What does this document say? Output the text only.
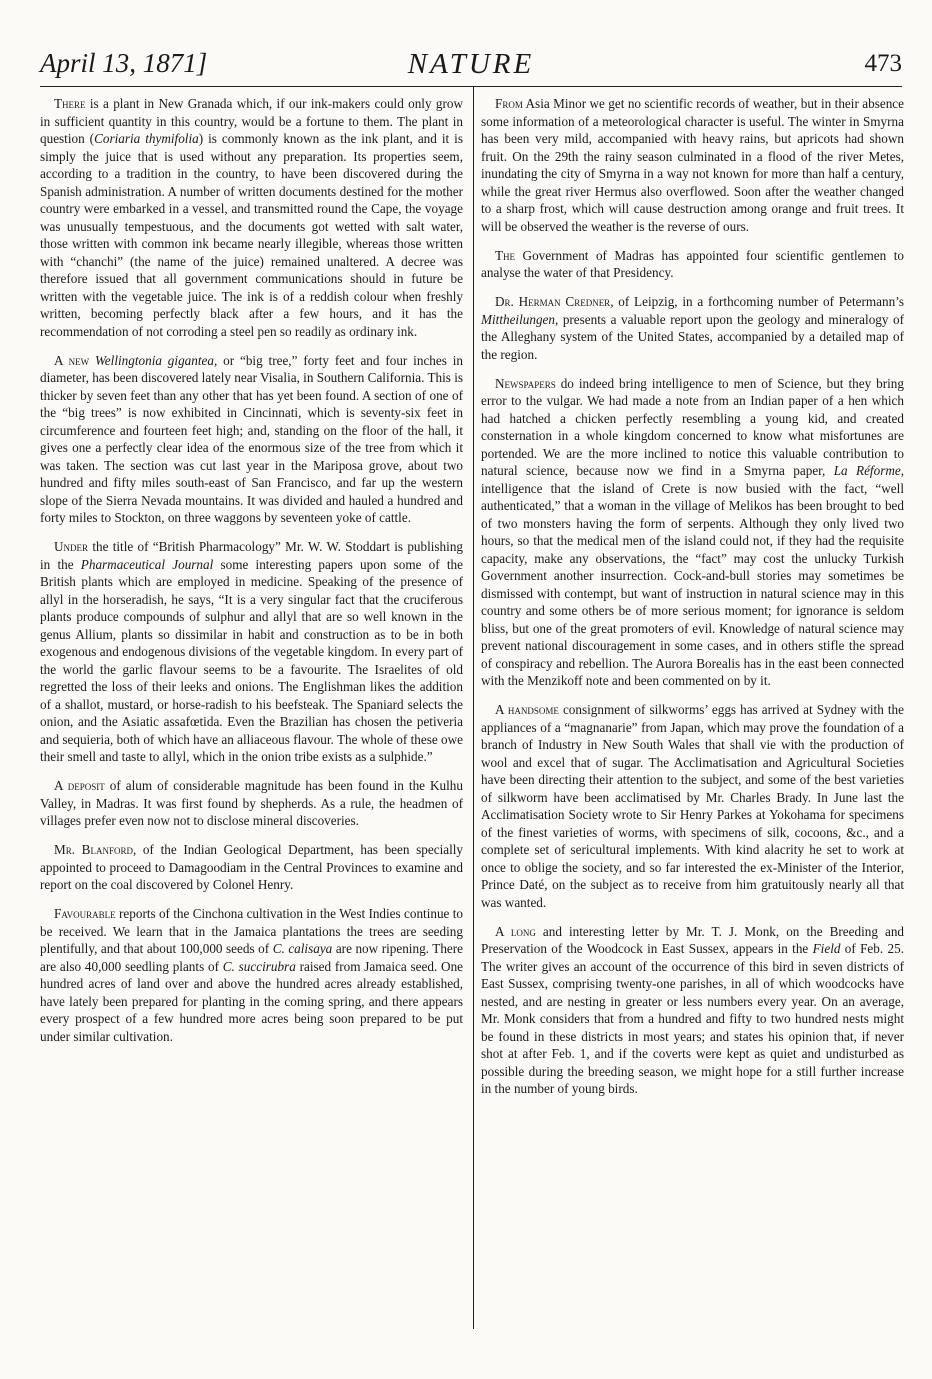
April 13, 1871]	NATURE	473

There is a plant in New Granada which, if our ink-makers could only grow in sufficient quantity in this country, would be a fortune to them. The plant in question (Coriaria thymifolia) is commonly known as the ink plant, and it is simply the juice that is used without any preparation. Its properties seem, according to a tradition in the country, to have been discovered during the Spanish administration. A number of written documents destined for the mother country were embarked in a vessel, and transmitted round the Cape, the voyage was unusually tempestuous, and the documents got wetted with salt water, those written with common ink became nearly illegible, whereas those written with “chanchi” (the name of the juice) remained unaltered. A decree was therefore issued that all government communications should in future be written with the vegetable juice. The ink is of a reddish colour when freshly written, becoming perfectly black after a few hours, and it has the recommendation of not corroding a steel pen so readily as ordinary ink.

A new Wellingtonia gigantea, or “big tree,” forty feet and four inches in diameter, has been discovered lately near Visalia, in Southern California. This is thicker by seven feet than any other that has yet been found. A section of one of the “big trees” is now exhibited in Cincinnati, which is seventy-six feet in circumference and fourteen feet high; and, standing on the floor of the hall, it gives one a perfectly clear idea of the enormous size of the tree from which it was taken. The section was cut last year in the Mariposa grove, about two hundred and fifty miles south-east of San Francisco, and far up the western slope of the Sierra Nevada mountains. It was divided and hauled a hundred and forty miles to Stockton, on three waggons by seventeen yoke of cattle.

Under the title of “British Pharmacology” Mr. W. W. Stoddart is publishing in the Pharmaceutical Journal some interesting papers upon some of the British plants which are employed in medicine. Speaking of the presence of allyl in the horseradish, he says, “It is a very singular fact that the cruciferous plants produce compounds of sulphur and allyl that are so well known in the genus Allium, plants so dissimilar in habit and construction as to be in both exogenous and endogenous divisions of the vegetable kingdom. In every part of the world the garlic flavour seems to be a favourite. The Israelites of old regretted the loss of their leeks and onions. The Englishman likes the addition of a shallot, mustard, or horse-radish to his beefsteak. The Spaniard selects the onion, and the Asiatic assafœtida. Even the Brazilian has chosen the petiveria and sequieria, both of which have an alliaceous flavour. The whole of these owe their smell and taste to allyl, which in the onion tribe exists as a sulphide.”

A deposit of alum of considerable magnitude has been found in the Kulhu Valley, in Madras. It was first found by shepherds. As a rule, the headmen of villages prefer even now not to disclose mineral discoveries.

Mr. Blanford, of the Indian Geological Department, has been specially appointed to proceed to Damagoodiam in the Central Provinces to examine and report on the coal discovered by Colonel Henry.

Favourable reports of the Cinchona cultivation in the West Indies continue to be received. We learn that in the Jamaica plantations the trees are seeding plentifully, and that about 100,000 seeds of C. calisaya are now ripening. There are also 40,000 seedling plants of C. succirubra raised from Jamaica seed. One hundred acres of land over and above the hundred acres already established, have lately been prepared for planting in the coming spring, and there appears every prospect of a few hundred more acres being soon prepared to be put under similar cultivation.

From Asia Minor we get no scientific records of weather, but in their absence some information of a meteorological character is useful. The winter in Smyrna has been very mild, accompanied with heavy rains, but apricots had shown fruit. On the 29th the rainy season culminated in a flood of the river Metes, inundating the city of Smyrna in a way not known for more than half a century, while the great river Hermus also overflowed. Soon after the weather changed to a sharp frost, which will cause destruction among orange and fruit trees. It will be observed the weather is the reverse of ours.

The Government of Madras has appointed four scientific gentlemen to analyse the water of that Presidency.

Dr. Herman Credner, of Leipzig, in a forthcoming number of Petermann’s Mittheilungen, presents a valuable report upon the geology and mineralogy of the Alleghany system of the United States, accompanied by a detailed map of the region.

Newspapers do indeed bring intelligence to men of Science, but they bring error to the vulgar. We had made a note from an Indian paper of a hen which had hatched a chicken perfectly resembling a young kid, and created consternation in a whole kingdom concerned to know what misfortunes are portended. We are the more inclined to notice this valuable contribution to natural science, because now we find in a Smyrna paper, La Réforme, intelligence that the island of Crete is now busied with the fact, “well authenticated,” that a woman in the village of Melikos has been brought to bed of two monsters having the form of serpents. Although they only lived two hours, so that the medical men of the island could not, if they had the requisite capacity, make any observations, the “fact” may cost the unlucky Turkish Government another insurrection. Cock-and-bull stories may sometimes be dismissed with contempt, but want of instruction in natural science may in this country and some others be of more serious moment; for ignorance is seldom bliss, but one of the great promoters of evil. Knowledge of natural science may prevent national discouragement in some cases, and in others stifle the spread of conspiracy and rebellion. The Aurora Borealis has in the east been connected with the Menzikoff note and been commented on by it.

A handsome consignment of silkworms’ eggs has arrived at Sydney with the appliances of a “magnanarie” from Japan, which may prove the foundation of a branch of Industry in New South Wales that shall vie with the production of wool and excel that of sugar. The Acclimatisation and Agricultural Societies have been directing their attention to the subject, and some of the best varieties of silkworm have been acclimatised by Mr. Charles Brady. In June last the Acclimatisation Society wrote to Sir Henry Parkes at Yokohama for specimens of the finest varieties of worms, with specimens of silk, cocoons, &c., and a complete set of sericultural implements. With kind alacrity he set to work at once to oblige the society, and so far interested the ex-Minister of the Interior, Prince Daté, on the subject as to receive from him gratuitously nearly all that was wanted.

A long and interesting letter by Mr. T. J. Monk, on the Breeding and Preservation of the Woodcock in East Sussex, appears in the Field of Feb. 25. The writer gives an account of the occurrence of this bird in seven districts of East Sussex, comprising twenty-one parishes, in all of which woodcocks have nested, and are nesting in greater or less numbers every year. On an average, Mr. Monk considers that from a hundred and fifty to two hundred nests might be found in these districts in most years; and states his opinion that, if never shot at after Feb. 1, and if the coverts were kept as quiet and undisturbed as possible during the breeding season, we might hope for a still further increase in the number of young birds.
